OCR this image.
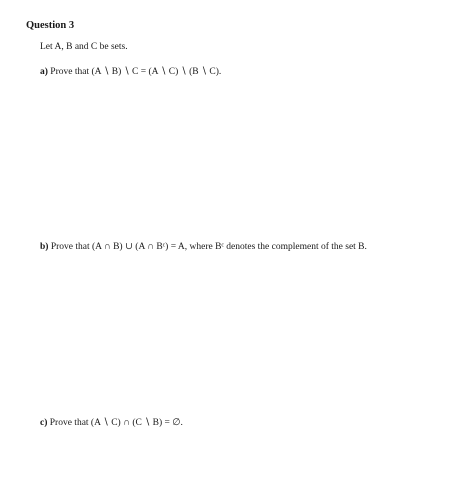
Question 3

Let A, B and C be sets.

a) Prove that (A ∖ B) ∖ C = (A ∖ C) ∖ (B ∖ C).

b) Prove that (A ∩ B) ∪ (A ∩ Bᶜ) = A, where Bᶜ denotes the complement of the set B.

c) Prove that (A ∖ C) ∩ (C ∖ B) = ∅.
